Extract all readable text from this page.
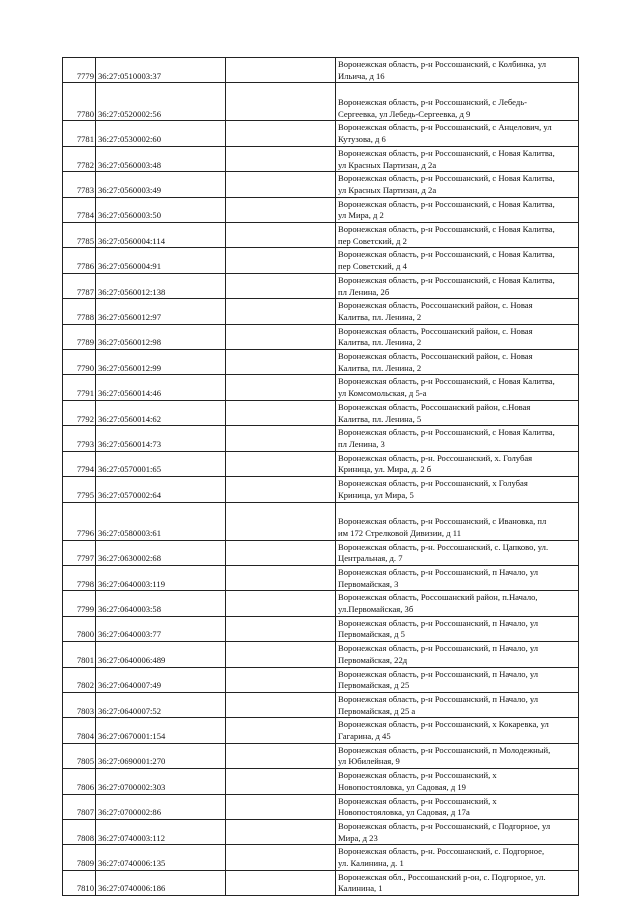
7779	36:27:0510003:37		Воронежская область, р-н Россошанский, с Колбинка, ул
Ильича, д 16

7780	36:27:0520002:56		Воронежская область, р-н Россошанский, с Лебедь-
Сергеевка, ул Лебедь-Сергеевка, д 9

7781	36:27:0530002:60		Воронежская область, р-н Россошанский, с Анцелович, ул
Кутузова, д 6

7782	36:27:0560003:48		Воронежская область, р-н Россошанский, с Новая Калитва,
ул Красных Партизан, д 2а

7783	36:27:0560003:49		Воронежская область, р-н Россошанский, с Новая Калитва,
ул Красных Партизан, д 2а

7784	36:27:0560003:50		Воронежская область, р-н Россошанский, с Новая Калитва,
ул Мира, д 2

7785	36:27:0560004:114		Воронежская область, р-н Россошанский, с Новая Калитва,
пер Советский, д 2

7786	36:27:0560004:91		Воронежская область, р-н Россошанский, с Новая Калитва,
пер Советский, д 4

7787	36:27:0560012:138		Воронежская область, р-н Россошанский, с Новая Калитва,
пл Ленина, 2б

7788	36:27:0560012:97		Воронежская область, Россошанский район, с. Новая
Калитва, пл. Ленина, 2

7789	36:27:0560012:98		Воронежская область, Россошанский район, с. Новая
Калитва, пл. Ленина, 2

7790	36:27:0560012:99		Воронежская область, Россошанский район, с. Новая
Калитва, пл. Ленина, 2

7791	36:27:0560014:46		Воронежская область, р-н Россошанский, с Новая Калитва,
ул Комсомольская, д 5-а

7792	36:27:0560014:62		Воронежская область, Россошанский район, с.Новая
Калитва, пл. Ленина, 5

7793	36:27:0560014:73		Воронежская область, р-н Россошанский, с Новая Калитва,
пл Ленина, 3

7794	36:27:0570001:65		Воронежская область, р-н. Россошанский, х. Голубая
Криница, ул. Мира, д. 2 б

7795	36:27:0570002:64		Воронежская область, р-н Россошанский, х Голубая
Криница, ул Мира, 5

7796	36:27:0580003:61		Воронежская область, р-н Россошанский, с Ивановка, пл
им 172 Стрелковой Дивизии, д 11

7797	36:27:0630002:68		Воронежская область, р-н. Россошанский, с. Цапково, ул.
Центральная, д. 7

7798	36:27:0640003:119		Воронежская область, р-н Россошанский, п Начало, ул
Первомайская, 3

7799	36:27:0640003:58		Воронежская область, Россошанский район, п.Начало,
ул.Первомайская, 3б

7800	36:27:0640003:77		Воронежская область, р-н Россошанский, п Начало, ул
Первомайская, д 5

7801	36:27:0640006:489		Воронежская область, р-н Россошанский, п Начало, ул
Первомайская, 22д

7802	36:27:0640007:49		Воронежская область, р-н Россошанский, п Начало, ул
Первомайская, д 25

7803	36:27:0640007:52		Воронежская область, р-н Россошанский, п Начало, ул
Первомайская, д 25 а

7804	36:27:0670001:154		Воронежская область, р-н Россошанский, х Кокаревка, ул
Гагарина, д 45

7805	36:27:0690001:270		Воронежская область, р-н Россошанский, п Молодежный,
ул Юбилейная, 9

7806	36:27:0700002:303		Воронежская область, р-н Россошанский, х
Новопостояловка, ул Садовая, д 19

7807	36:27:0700002:86		Воронежская область, р-н Россошанский, х
Новопостояловка, ул Садовая, д 17а

7808	36:27:0740003:112		Воронежская область, р-н Россошанский, с Подгорное, ул
Мира, д 23

7809	36:27:0740006:135		Воронежская область, р-н. Россошанский, с. Подгорное,
ул. Калинина, д. 1

7810	36:27:0740006:186		Воронежская обл., Россошанский р-он, с. Подгорное, ул.
Калинина, 1
